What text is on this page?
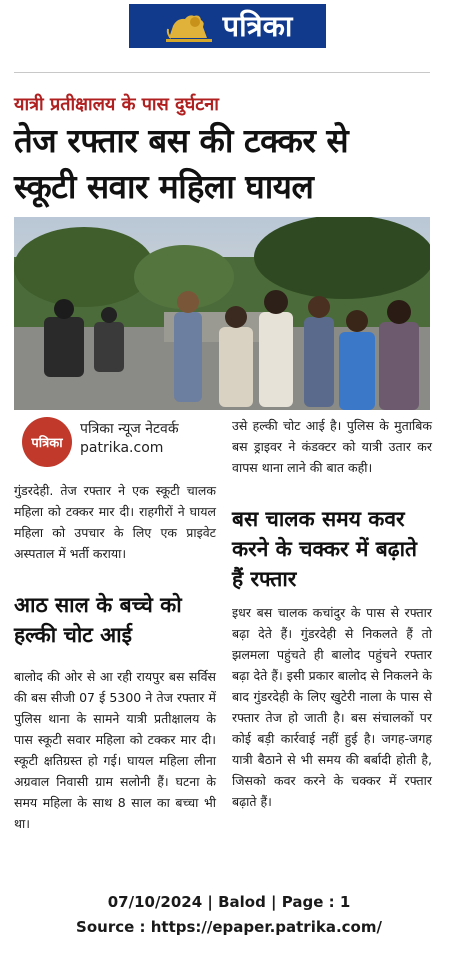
पत्रिका
यात्री प्रतीक्षालय के पास दुर्घटना
तेज रफ्तार बस की टक्कर से
स्कूटी सवार महिला घायल
पत्रिका
पत्रिका न्यूज नेटवर्क
patrika.com

गुंडरदेही. तेज रफ्तार ने एक स्कूटी चालक महिला को टक्कर मार दी। राहगीरों ने घायल महिला को उपचार के लिए एक प्राइवेट अस्पताल में भर्ती कराया।

आठ साल के बच्चे को हल्की चोट आई

बालोद की ओर से आ रही रायपुर बस सर्विस की बस सीजी 07 ई 5300 ने तेज रफ्तार में पुलिस थाना के सामने यात्री प्रतीक्षालय के पास स्कूटी सवार महिला को टक्कर मार दी। स्कूटी क्षतिग्रस्त हो गई। घायल महिला लीना अग्रवाल निवासी ग्राम सलोनी हैं। घटना के समय महिला के साथ 8 साल का बच्चा भी था।

उसे हल्की चोट आई है। पुलिस के मुताबिक बस ड्राइवर ने कंडक्टर को यात्री उतार कर वापस थाना लाने की बात कही।

बस चालक समय कवर करने के चक्कर में बढ़ाते हैं रफ्तार

इधर बस चालक कचांदुर के पास से रफ्तार बढ़ा देते हैं। गुंडरदेही से निकलते हैं तो झलमला पहुंचते ही बालोद पहुंचने रफ्तार बढ़ा देते हैं। इसी प्रकार बालोद से निकलने के बाद गुंडरदेही के लिए खुटेरी नाला के पास से रफ्तार तेज हो जाती है। बस संचालकों पर कोई बड़ी कार्रवाई नहीं हुई है। जगह-जगह यात्री बैठाने से भी समय की बर्बादी होती है, जिसको कवर करने के चक्कर में रफ्तार बढ़ाते हैं।

07/10/2024 | Balod | Page : 1
Source : https://epaper.patrika.com/
